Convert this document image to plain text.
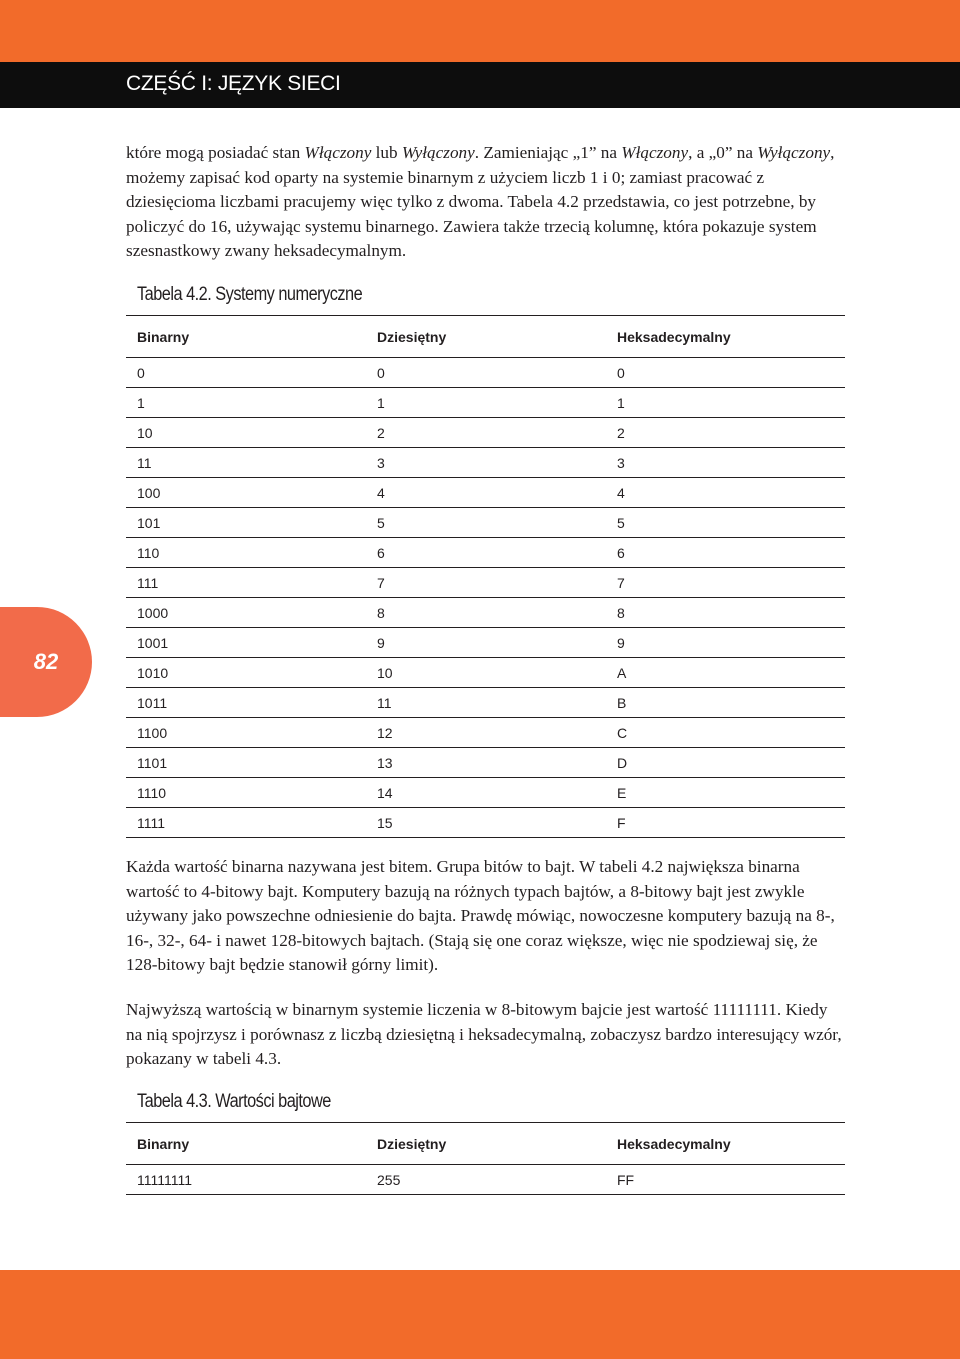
CZĘŚĆ I: JĘZYK SIECI
82

które mogą posiadać stan Włączony lub Wyłączony. Zamieniając „1” na Włączony, a „0” na Wyłączony, możemy zapisać kod oparty na systemie binarnym z użyciem liczb 1 i 0; zamiast pracować z dziesięcioma liczbami pracujemy więc tylko z dwoma. Tabela 4.2 przedstawia, co jest potrzebne, by policzyć do 16, używając systemu binarnego. Zawiera także trzecią kolumnę, która pokazuje system szesnastkowy zwany heksadecymalnym.

Tabela 4.2. Systemy numeryczne
Binarny	Dziesiętny	Heksadecymalny
0	0	0
1	1	1
10	2	2
11	3	3
100	4	4
101	5	5
110	6	6
111	7	7
1000	8	8
1001	9	9
1010	10	A
1011	11	B
1100	12	C
1101	13	D
1110	14	E
1111	15	F

Każda wartość binarna nazywana jest bitem. Grupa bitów to bajt. W tabeli 4.2 największa binarna wartość to 4-bitowy bajt. Komputery bazują na różnych typach bajtów, a 8-bitowy bajt jest zwykle używany jako powszechne odniesienie do bajta. Prawdę mówiąc, nowoczesne komputery bazują na 8-, 16-, 32-, 64- i nawet 128-bitowych bajtach. (Stają się one coraz większe, więc nie spodziewaj się, że 128-bitowy bajt będzie stanowił górny limit).

Najwyższą wartością w binarnym systemie liczenia w 8-bitowym bajcie jest wartość 11111111. Kiedy na nią spojrzysz i porównasz z liczbą dziesiętną i heksadecymalną, zobaczysz bardzo interesujący wzór, pokazany w tabeli 4.3.

Tabela 4.3. Wartości bajtowe
Binarny	Dziesiętny	Heksadecymalny
11111111	255	FF
